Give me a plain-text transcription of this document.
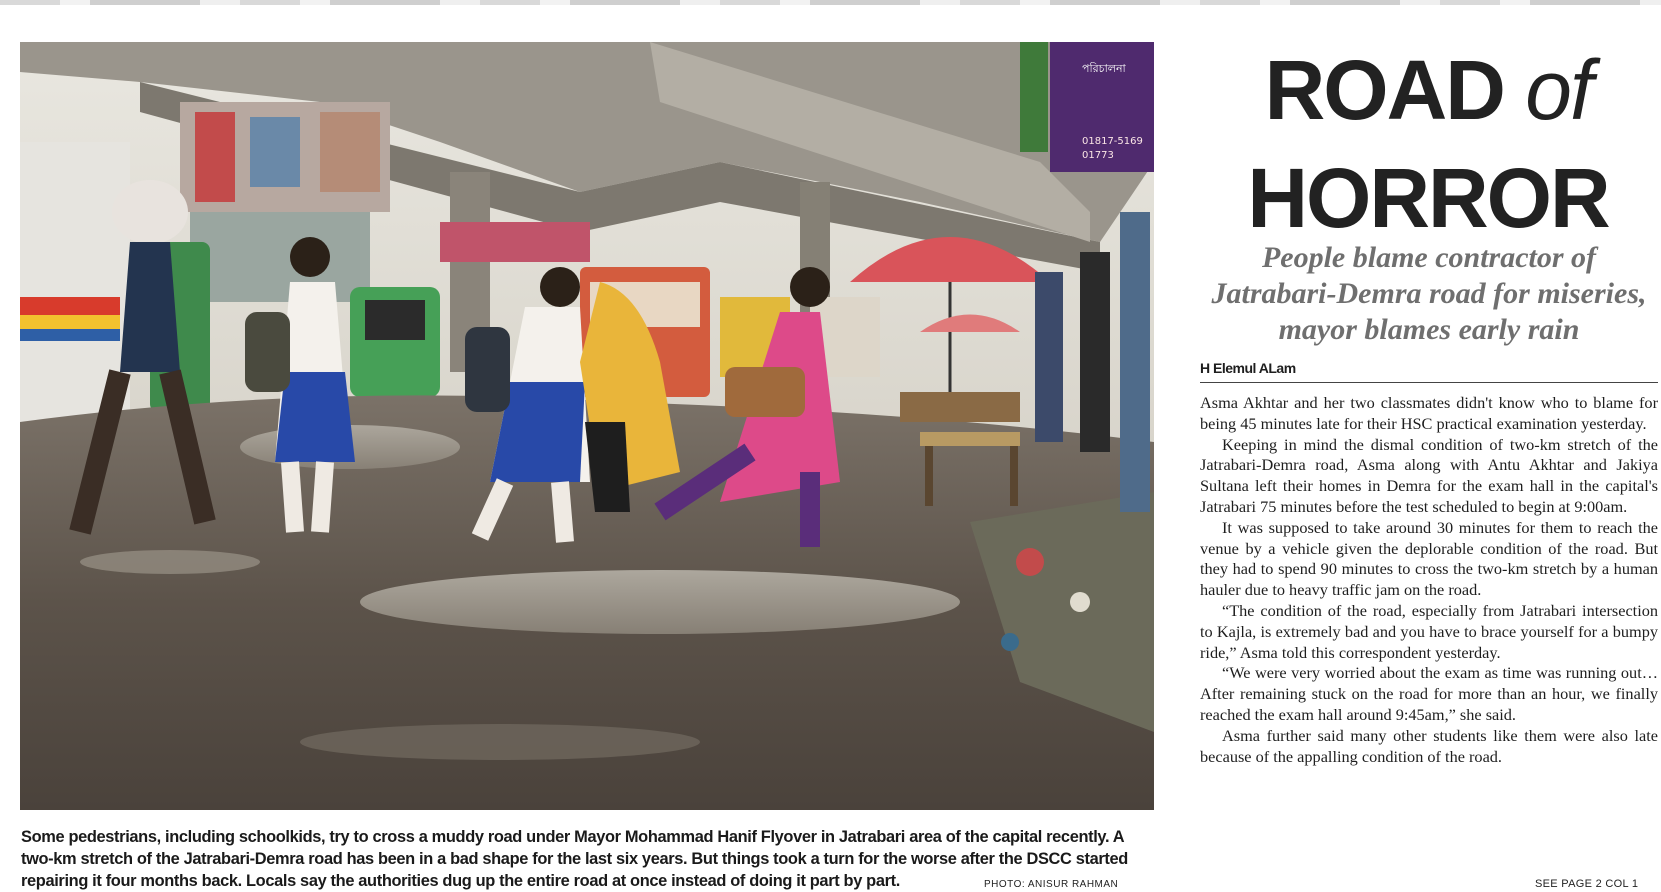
পরিচালনা
01817-5169
01773

Some pedestrians, including schoolkids, try to cross a muddy road under Mayor Mohammad Hanif Flyover in Jatrabari area of the capital recently. A two-km stretch of the Jatrabari-Demra road has been in a bad shape for the last six years. But things took a turn for the worse after the DSCC started repairing it four months back. Locals say the authorities dug up the entire road at once instead of doing it part by part.	PHOTO: ANISUR RAHMAN
ROAD of
HORROR

People blame contractor of Jatrabari-Demra road for miseries, mayor blames early rain

H Elemul ALam

Asma Akhtar and her two classmates didn't know who to blame for being 45 minutes late for their HSC practical examination yesterday.

Keeping in mind the dismal condition of two-km stretch of the Jatrabari-Demra road, Asma along with Antu Akhtar and Jakiya Sultana left their homes in Demra for the exam hall in the capital's Jatrabari 75 minutes before the test scheduled to begin at 9:00am.

It was supposed to take around 30 minutes for them to reach the venue by a vehicle given the deplorable condition of the road. But they had to spend 90 minutes to cross the two-km stretch by a human hauler due to heavy traffic jam on the road.

“The condition of the road, especially from Jatrabari intersection to Kajla, is extremely bad and you have to brace yourself for a bumpy ride,” Asma told this correspondent yesterday.

“We were very worried about the exam as time was running out… After remaining stuck on the road for more than an hour, we finally reached the exam hall around 9:45am,” she said.

Asma further said many other students like them were also late because of the appalling condition of the road.

SEE PAGE 2 COL 1
